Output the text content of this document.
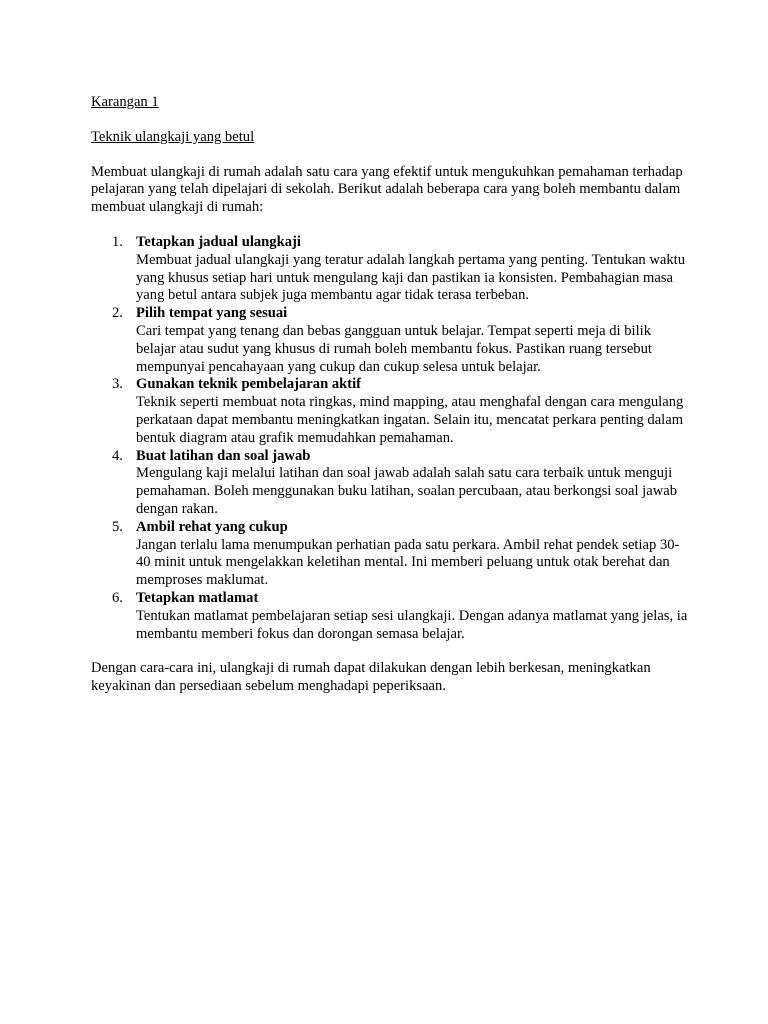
Karangan 1

Teknik ulangkaji yang betul

Membuat ulangkaji di rumah adalah satu cara yang efektif untuk mengukuhkan pemahaman terhadap pelajaran yang telah dipelajari di sekolah. Berikut adalah beberapa cara yang boleh membantu dalam membuat ulangkaji di rumah:

1. Tetapkan jadual ulangkaji
Membuat jadual ulangkaji yang teratur adalah langkah pertama yang penting. Tentukan waktu yang khusus setiap hari untuk mengulang kaji dan pastikan ia konsisten. Pembahagian masa yang betul antara subjek juga membantu agar tidak terasa terbeban.
2. Pilih tempat yang sesuai
Cari tempat yang tenang dan bebas gangguan untuk belajar. Tempat seperti meja di bilik belajar atau sudut yang khusus di rumah boleh membantu fokus. Pastikan ruang tersebut mempunyai pencahayaan yang cukup dan cukup selesa untuk belajar.
3. Gunakan teknik pembelajaran aktif
Teknik seperti membuat nota ringkas, mind mapping, atau menghafal dengan cara mengulang perkataan dapat membantu meningkatkan ingatan. Selain itu, mencatat perkara penting dalam bentuk diagram atau grafik memudahkan pemahaman.
4. Buat latihan dan soal jawab
Mengulang kaji melalui latihan dan soal jawab adalah salah satu cara terbaik untuk menguji pemahaman. Boleh menggunakan buku latihan, soalan percubaan, atau berkongsi soal jawab dengan rakan.
5. Ambil rehat yang cukup
Jangan terlalu lama menumpukan perhatian pada satu perkara. Ambil rehat pendek setiap 30-40 minit untuk mengelakkan keletihan mental. Ini memberi peluang untuk otak berehat dan memproses maklumat.
6. Tetapkan matlamat
Tentukan matlamat pembelajaran setiap sesi ulangkaji. Dengan adanya matlamat yang jelas, ia membantu memberi fokus dan dorongan semasa belajar.

Dengan cara-cara ini, ulangkaji di rumah dapat dilakukan dengan lebih berkesan, meningkatkan keyakinan dan persediaan sebelum menghadapi peperiksaan.
